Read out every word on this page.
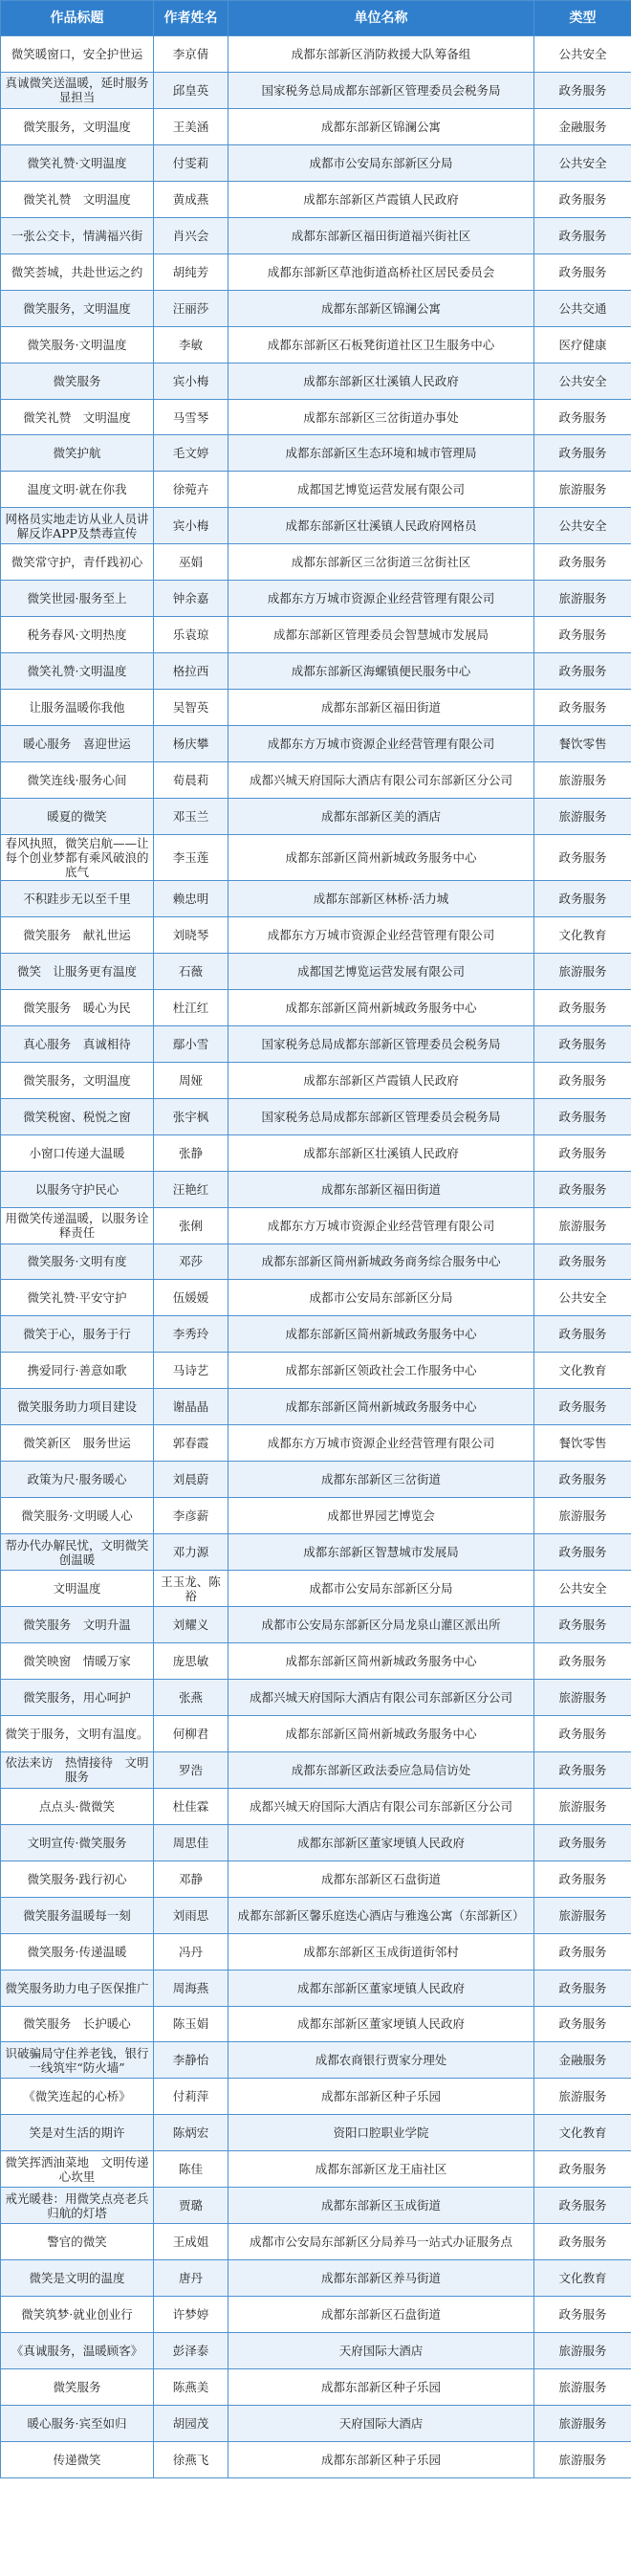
作品标题	作者姓名	单位名称	类型
微笑暖窗口，安全护世运	李京倩	成都东部新区消防救援大队筹备组	公共安全
真诚微笑送温暖，延时服务显担当	邱皇英	国家税务总局成都东部新区管理委员会税务局	政务服务
微笑服务，文明温度	王美涵	成都东部新区锦澜公寓	金融服务
微笑礼赞·文明温度	付雯莉	成都市公安局东部新区分局	公共安全
微笑礼赞　文明温度	黄成燕	成都东部新区芦霞镇人民政府	政务服务
一张公交卡，情满福兴街	肖兴会	成都东部新区福田街道福兴街社区	政务服务
微笑荟城，共赴世运之约	胡纯芳	成都东部新区草池街道高桥社区居民委员会	政务服务
微笑服务，文明温度	汪丽莎	成都东部新区锦澜公寓	公共交通
微笑服务·文明温度	李敏	成都东部新区石板凳街道社区卫生服务中心	医疗健康
微笑服务	宾小梅	成都东部新区壮溪镇人民政府	公共安全
微笑礼赞　文明温度	马雪琴	成都东部新区三岔街道办事处	政务服务
微笑护航	毛文婷	成都东部新区生态环境和城市管理局	政务服务
温度文明·就在你我	徐菀卉	成都国艺博览运营发展有限公司	旅游服务
网格员实地走访从业人员讲解反诈APP及禁毒宣传	宾小梅	成都东部新区壮溪镇人民政府网格员	公共安全
微笑常守护，青仟践初心	巫娟	成都东部新区三岔街道三岔街社区	政务服务
微笑世园·服务至上	钟余嘉	成都东方万城市资源企业经营管理有限公司	旅游服务
税务春风·文明热度	乐袁琼	成都东部新区管理委员会智慧城市发展局	政务服务
微笑礼赞·文明温度	格拉西	成都东部新区海螺镇便民服务中心	政务服务
让服务温暖你我他	吴智英	成都东部新区福田街道	政务服务
暖心服务　喜迎世运	杨庆攀	成都东方万城市资源企业经营管理有限公司	餐饮零售
微笑连线·服务心间	荀晨莉	成都兴城天府国际大酒店有限公司东部新区分公司	旅游服务
暖夏的微笑	邓玉兰	成都东部新区美的酒店	旅游服务
春风执照，微笑启航——让每个创业梦都有乘风破浪的底气	李玉莲	成都东部新区简州新城政务服务中心	政务服务
不积跬步无以至千里	赖忠明	成都东部新区林桥·活力城	政务服务
微笑服务　献礼世运	刘晓琴	成都东方万城市资源企业经营管理有限公司	文化教育
微笑　让服务更有温度	石薇	成都国艺博览运营发展有限公司	旅游服务
微笑服务　暖心为民	杜江红	成都东部新区简州新城政务服务中心	政务服务
真心服务　真诚相待	鄢小雪	国家税务总局成都东部新区管理委员会税务局	政务服务
微笑服务，文明温度	周娅	成都东部新区芦霞镇人民政府	政务服务
微笑税窗、税悦之窗	张宇枫	国家税务总局成都东部新区管理委员会税务局	政务服务
小窗口传递大温暖	张静	成都东部新区壮溪镇人民政府	政务服务
以服务守护民心	汪艳红	成都东部新区福田街道	政务服务
用微笑传递温暖，以服务诠释责任	张俐	成都东方万城市资源企业经营管理有限公司	旅游服务
微笑服务·文明有度	邓莎	成都东部新区简州新城政务商务综合服务中心	政务服务
微笑礼赞·平安守护	伍媛媛	成都市公安局东部新区分局	公共安全
微笑于心，服务于行	李秀玲	成都东部新区简州新城政务服务中心	政务服务
携爱同行·善意如歌	马诗艺	成都东部新区领政社会工作服务中心	文化教育
微笑服务助力项目建设	谢晶晶	成都东部新区简州新城政务服务中心	政务服务
微笑新区　服务世运	郭春霞	成都东方万城市资源企业经营管理有限公司	餐饮零售
政策为尺·服务暖心	刘晨蔚	成都东部新区三岔街道	政务服务
微笑服务·文明暖人心	李彦薪	成都世界园艺博览会	旅游服务
帮办代办解民忧，文明微笑创温暖	邓力源	成都东部新区智慧城市发展局	政务服务
文明温度	王玉龙、陈裕	成都市公安局东部新区分局	公共安全
微笑服务　文明升温	刘耀义	成都市公安局东部新区分局龙泉山灌区派出所	政务服务
微笑映窗　情暖万家	庞思敏	成都东部新区简州新城政务服务中心	政务服务
微笑服务，用心呵护	张燕	成都兴城天府国际大酒店有限公司东部新区分公司	旅游服务
微笑于服务，文明有温度。	何柳君	成都东部新区简州新城政务服务中心	政务服务
依法来访　热情接待　文明服务	罗浩	成都东部新区政法委应急局信访处	政务服务
点点头·微微笑	杜佳霖	成都兴城天府国际大酒店有限公司东部新区分公司	旅游服务
文明宣传·微笑服务	周思佳	成都东部新区董家埂镇人民政府	政务服务
微笑服务·践行初心	邓静	成都东部新区石盘街道	政务服务
微笑服务温暖每一刻	刘雨思	成都东部新区馨乐庭迭心酒店与雅逸公寓（东部新区）	旅游服务
微笑服务·传递温暖	冯丹	成都东部新区玉成街道街邻村	政务服务
微笑服务助力电子医保推广	周海燕	成都东部新区董家埂镇人民政府	政务服务
微笑服务　长护暖心	陈玉娟	成都东部新区董家埂镇人民政府	政务服务
识破骗局守住养老钱，银行一线筑牢“防火墙”	李静怡	成都农商银行贾家分理处	金融服务
《微笑连起的心桥》	付莉萍	成都东部新区种子乐园	旅游服务
笑是对生活的期许	陈炳宏	资阳口腔职业学院	文化教育
微笑挥洒油菜地　文明传递心坎里	陈佳	成都东部新区龙王庙社区	政务服务
戒光暖巷：用微笑点亮老兵归航的灯塔	贾璐	成都东部新区玉成街道	政务服务
警官的微笑	王成姐	成都市公安局东部新区分局养马一站式办证服务点	政务服务
微笑是文明的温度	唐丹	成都东部新区养马街道	文化教育
微笑筑梦·就业创业行	许梦婷	成都东部新区石盘街道	政务服务
《真诚服务，温暖顾客》	彭泽泰	天府国际大酒店	旅游服务
微笑服务	陈燕美	成都东部新区种子乐园	旅游服务
暖心服务·宾至如归	胡园茂	天府国际大酒店	旅游服务
传递微笑	徐燕飞	成都东部新区种子乐园	旅游服务
